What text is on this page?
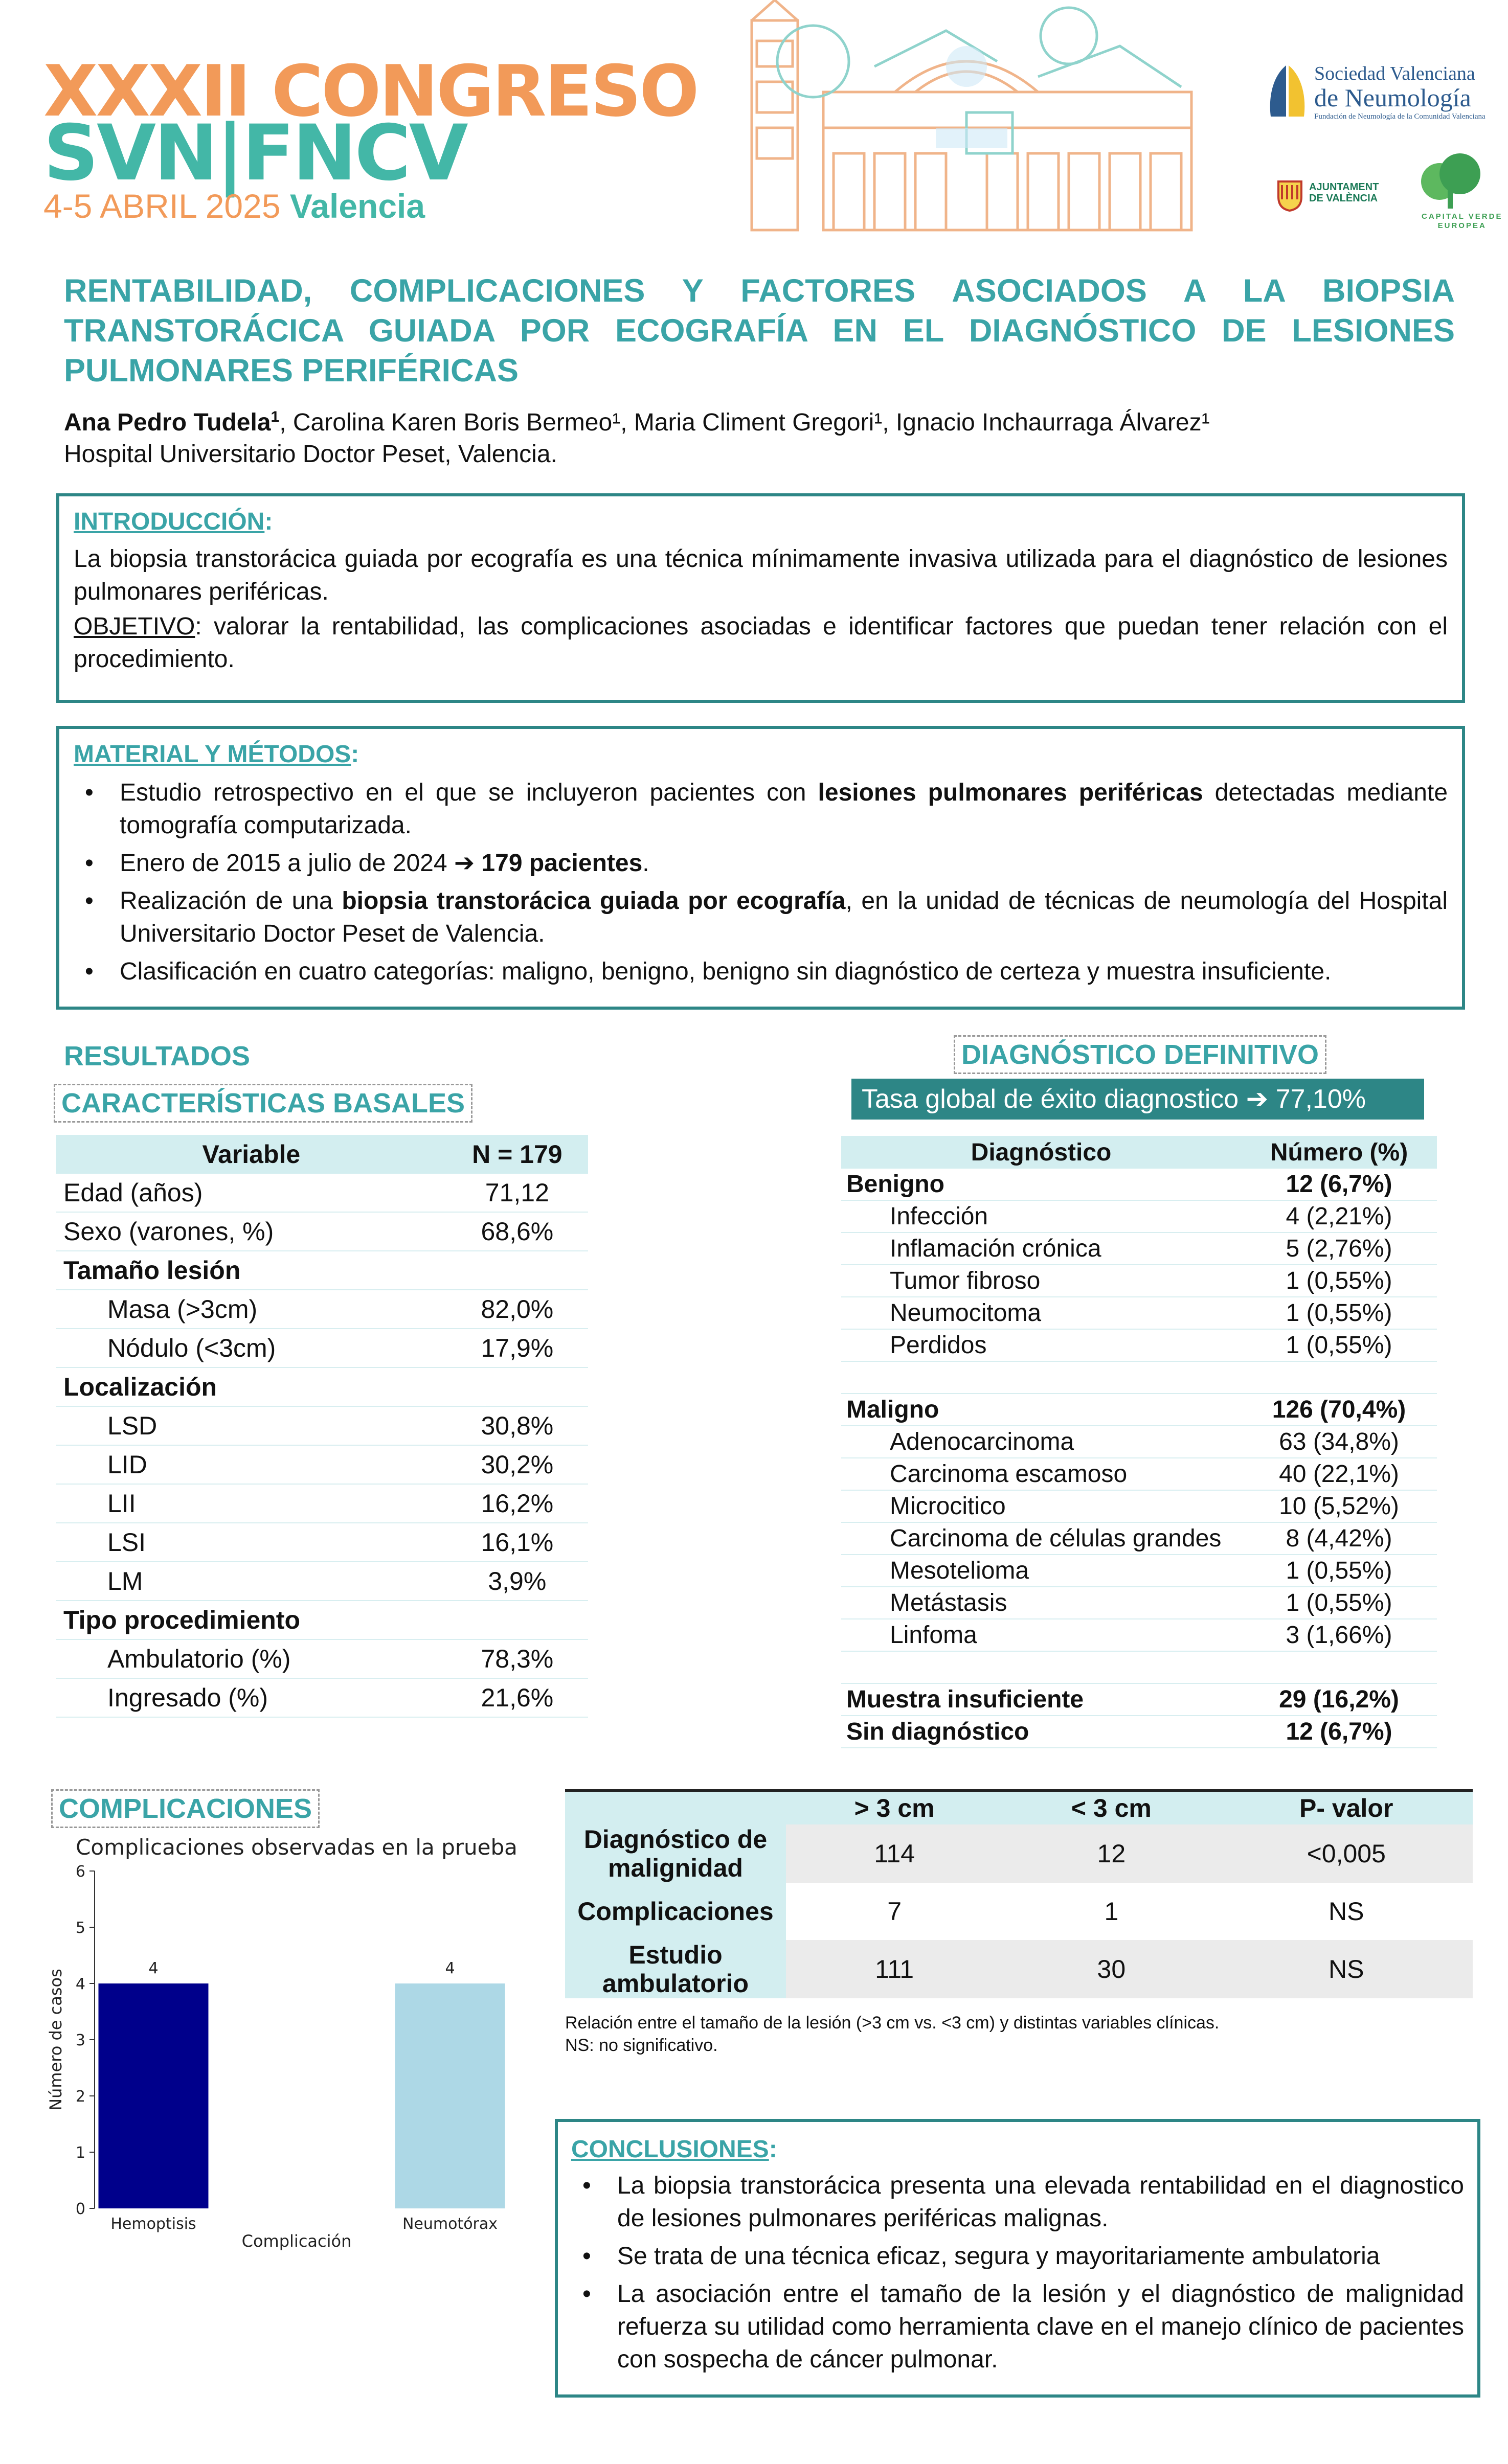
XXXII CONGRESO
SVN|FNCV
4-5 ABRIL 2025 Valencia
Sociedad Valenciana
de Neumología
Fundación de Neumología de la Comunidad Valenciana
AJUNTAMENT
DE VALÈNCIA
CAPITAL VERDE
EUROPEA
RENTABILIDAD, COMPLICACIONES Y FACTORES ASOCIADOS A LA BIOPSIA TRANSTORÁCICA GUIADA POR ECOGRAFÍA EN EL DIAGNÓSTICO DE LESIONES PULMONARES PERIFÉRICAS
Ana Pedro Tudela$^1$, Carolina Karen Boris Bermeo¹, Maria Climent Gregori¹, Ignacio Inchaurraga Álvarez¹
Hospital Universitario Doctor Peset, Valencia.
INTRODUCCIÓN:
La biopsia transtorácica guiada por ecografía es una técnica mínimamente invasiva utilizada para el diagnóstico de lesiones pulmonares periféricas.
OBJETIVO: valorar la rentabilidad, las complicaciones asociadas e identificar factores que puedan tener relación con el procedimiento.
MATERIAL Y MÉTODOS:
• Estudio retrospectivo en el que se incluyeron pacientes con lesiones pulmonares periféricas detectadas mediante tomografía computarizada.
• Enero de 2015 a julio de 2024 ➔ 179 pacientes.
• Realización de una biopsia transtorácica guiada por ecografía, en la unidad de técnicas de neumología del Hospital Universitario Doctor Peset de Valencia.
• Clasificación en cuatro categorías: maligno, benigno, benigno sin diagnóstico de certeza y muestra insuficiente.
RESULTADOS
CARACTERÍSTICAS BASALES
Variable	N = 179
Edad (años)	71,12
Sexo (varones, %)	68,6%
Tamaño lesión	
Masa (>3cm)	82,0%
Nódulo (<3cm)	17,9%
Localización	
LSD	30,8%
LID	30,2%
LII	16,2%
LSI	16,1%
LM	3,9%
Tipo procedimiento	
Ambulatorio (%)	78,3%
Ingresado (%)	21,6%
DIAGNÓSTICO DEFINITIVO
Tasa global de éxito diagnostico ➔ 77,10%
Diagnóstico	Número (%)
Benigno	12 (6,7%)
Infección	4 (2,21%)
Inflamación crónica	5 (2,76%)
Tumor fibroso	1 (0,55%)
Neumocitoma	1 (0,55%)
Perdidos	1 (0,55%)

Maligno	126 (70,4%)
Adenocarcinoma	63 (34,8%)
Carcinoma escamoso	40 (22,1%)
Microcitico	10 (5,52%)
Carcinoma de células grandes	8 (4,42%)
Mesotelioma	1 (0,55%)
Metástasis	1 (0,55%)
Linfoma	3 (1,66%)

Muestra insuficiente	29 (16,2%)
Sin diagnóstico	12 (6,7%)
COMPLICACIONES
Complicaciones observadas en la prueba
0
1
2
3
4
5
6
4
Hemoptisis
4
Neumotórax
Complicación
Número de casos
	> 3 cm	< 3 cm	P- valor
Diagnóstico de malignidad	114	12	<0,005
Complicaciones	7	1	NS
Estudio ambulatorio	111	30	NS
Relación entre el tamaño de la lesión (>3 cm vs. <3 cm) y distintas variables clínicas.
NS: no significativo.
CONCLUSIONES:
• La biopsia transtorácica presenta una elevada rentabilidad en el diagnostico de lesiones pulmonares periféricas malignas.
• Se trata de una técnica eficaz, segura y mayoritariamente ambulatoria
• La asociación entre el tamaño de la lesión y el diagnóstico de malignidad refuerza su utilidad como herramienta clave en el manejo clínico de pacientes con sospecha de cáncer pulmonar.
